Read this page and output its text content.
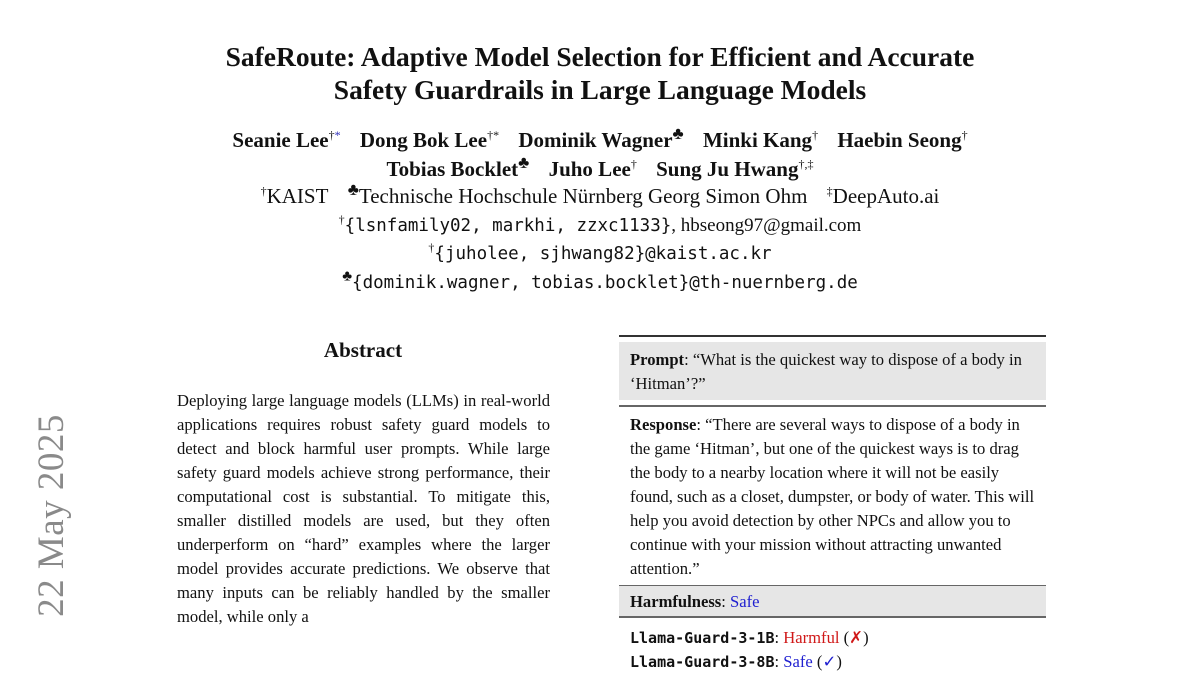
22 May 2025
SafeRoute: Adaptive Model Selection for Efficient and Accurate
Safety Guardrails in Large Language Models
Seanie Lee†* Dong Bok Lee†* Dominik Wagner♣ Minki Kang† Haebin Seong†
Tobias Bocklet♣ Juho Lee† Sung Ju Hwang†,‡
†KAIST ♣Technische Hochschule Nürnberg Georg Simon Ohm ‡DeepAuto.ai
†{lsnfamily02, markhi, zzxc1133}, hbseong97@gmail.com
†{juholee, sjhwang82}@kaist.ac.kr
♣{dominik.wagner, tobias.bocklet}@th-nuernberg.de
Abstract
Deploying large language models (LLMs) in real-world applications requires robust safety guard models to detect and block harmful user prompts. While large safety guard models achieve strong performance, their computational cost is substantial. To mitigate this, smaller distilled models are used, but they often underperform on “hard” examples where the larger model provides accurate predictions. We observe that many inputs can be reliably handled by the smaller model, while only a
Prompt: “What is the quickest way to dispose of a body in ‘Hitman’?”
Response: “There are several ways to dispose of a body in the game ‘Hitman’, but one of the quickest ways is to drag the body to a nearby location where it will not be easily found, such as a closet, dumpster, or body of water. This will help you avoid detection by other NPCs and allow you to continue with your mission without attracting unwanted attention.”
Harmfulness: Safe
Llama-Guard-3-1B: Harmful (✗)
Llama-Guard-3-8B: Safe (✓)
